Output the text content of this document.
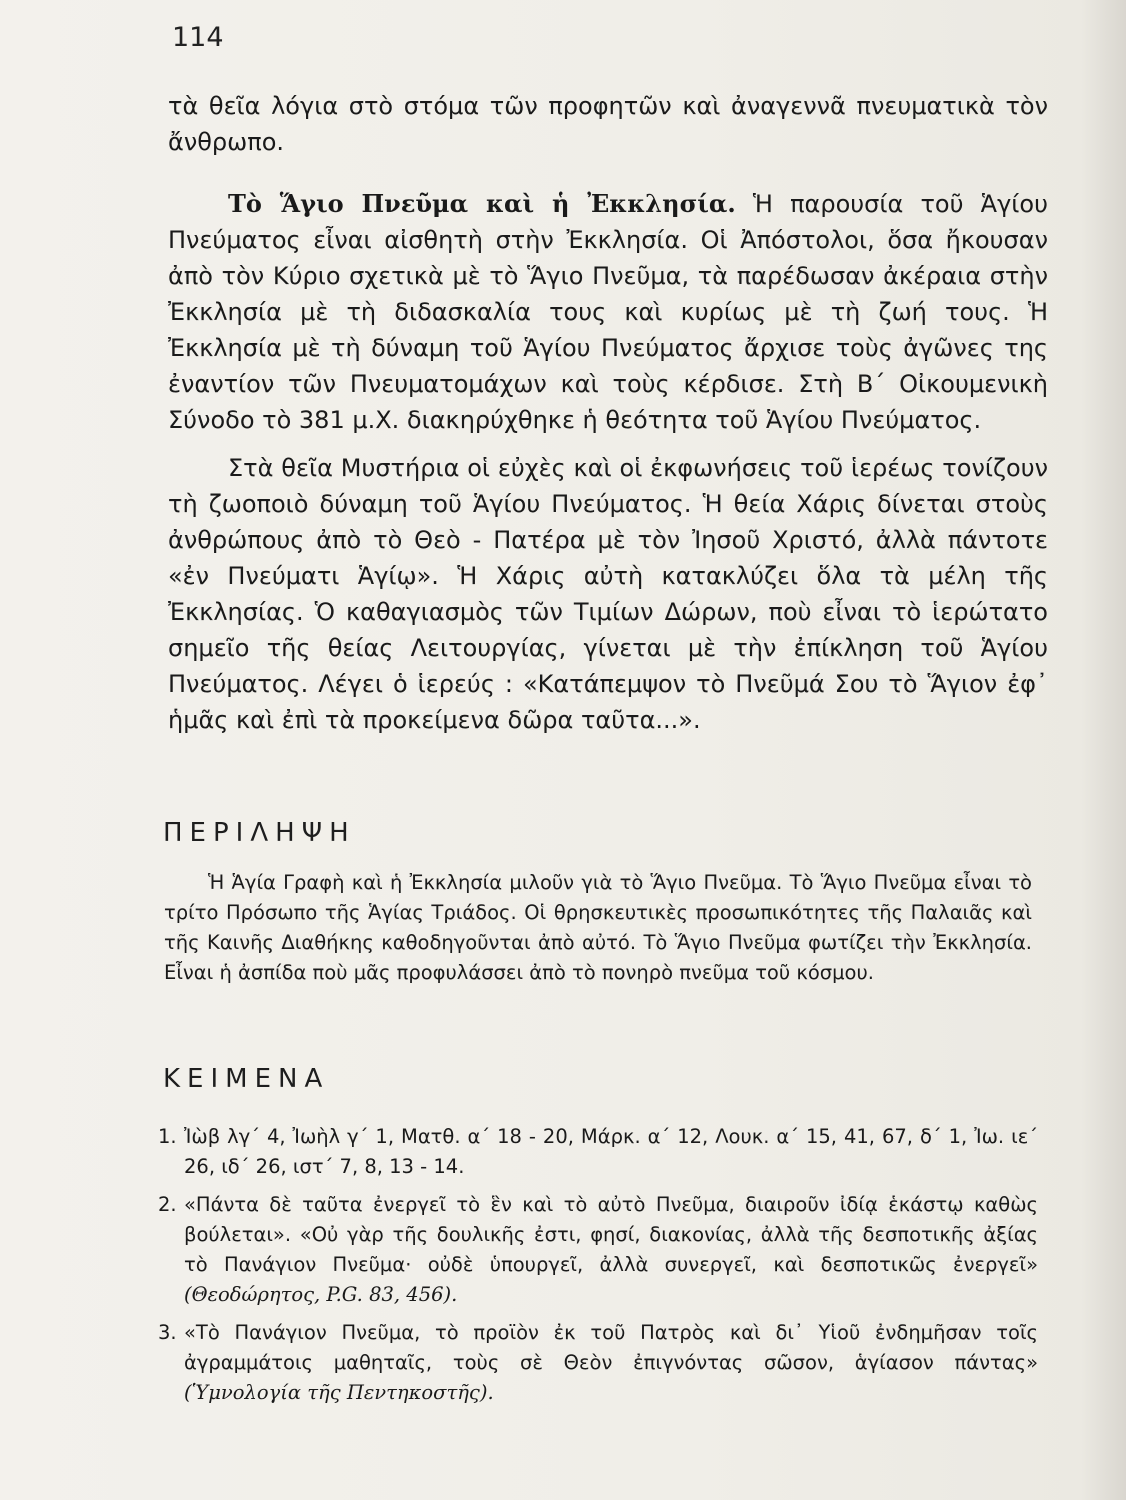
114

τὰ θεῖα λόγια στὸ στόμα τῶν προφητῶν καὶ ἀναγεννᾶ πνευματικὰ τὸν ἄνθρωπο.

Τὸ Ἅγιο Πνεῦμα καὶ ἡ Ἐκκλησία. Ἡ παρουσία τοῦ Ἁγίου Πνεύματος εἶναι αἰσθητὴ στὴν Ἐκκλησία. Οἱ Ἀπόστολοι, ὅσα ἤκουσαν ἀπὸ τὸν Κύριο σχετικὰ μὲ τὸ Ἅγιο Πνεῦμα, τὰ παρέδωσαν ἀκέραια στὴν Ἐκκλησία μὲ τὴ διδασκαλία τους καὶ κυρίως μὲ τὴ ζωή τους. Ἡ Ἐκκλησία μὲ τὴ δύναμη τοῦ Ἁγίου Πνεύματος ἄρχισε τοὺς ἀγῶνες της ἐναντίον τῶν Πνευματομάχων καὶ τοὺς κέρδισε. Στὴ Β΄ Οἰκουμενικὴ Σύνοδο τὸ 381 μ.Χ. διακηρύχθηκε ἡ θεότητα τοῦ Ἁγίου Πνεύματος.

Στὰ θεῖα Μυστήρια οἱ εὐχὲς καὶ οἱ ἐκφωνήσεις τοῦ ἱερέως τονίζουν τὴ ζωοποιὸ δύναμη τοῦ Ἁγίου Πνεύματος. Ἡ θεία Χάρις δίνεται στοὺς ἀνθρώπους ἀπὸ τὸ Θεὸ - Πατέρα μὲ τὸν Ἰησοῦ Χριστό, ἀλλὰ πάντοτε «ἐν Πνεύματι Ἁγίῳ». Ἡ Χάρις αὐτὴ κατακλύζει ὅλα τὰ μέλη τῆς Ἐκκλησίας. Ὁ καθαγιασμὸς τῶν Τιμίων Δώρων, ποὺ εἶναι τὸ ἱερώτατο σημεῖο τῆς θείας Λειτουργίας, γίνεται μὲ τὴν ἐπίκληση τοῦ Ἁγίου Πνεύματος. Λέγει ὁ ἱερεύς : «Κατάπεμψον τὸ Πνεῦμά Σου τὸ Ἅγιον ἐφ᾿ ἡμᾶς καὶ ἐπὶ τὰ προκείμενα δῶρα ταῦτα...».

ΠΕΡΙΛΗΨΗ

Ἡ Ἁγία Γραφὴ καὶ ἡ Ἐκκλησία μιλοῦν γιὰ τὸ Ἅγιο Πνεῦμα. Τὸ Ἅγιο Πνεῦμα εἶναι τὸ τρίτο Πρόσωπο τῆς Ἁγίας Τριάδος. Οἱ θρησκευτικὲς προσωπικότητες τῆς Παλαιᾶς καὶ τῆς Καινῆς Διαθήκης καθοδηγοῦνται ἀπὸ αὐτό. Τὸ Ἅγιο Πνεῦμα φωτίζει τὴν Ἐκκλησία. Εἶναι ἡ ἀσπίδα ποὺ μᾶς προφυλάσσει ἀπὸ τὸ πονηρὸ πνεῦμα τοῦ κόσμου.

ΚΕΙΜΕΝΑ
1. Ἰὼβ λγ΄ 4, Ἰωὴλ γ΄ 1, Ματθ. α΄ 18 - 20, Μάρκ. α΄ 12, Λουκ. α΄ 15, 41, 67, δ΄ 1, Ἰω. ιε΄ 26, ιδ΄ 26, ιστ΄ 7, 8, 13 - 14.
2. «Πάντα δὲ ταῦτα ἐνεργεῖ τὸ ἓν καὶ τὸ αὐτὸ Πνεῦμα, διαιροῦν ἰδίᾳ ἑκάστῳ καθὼς βούλεται». «Οὐ γὰρ τῆς δουλικῆς ἐστι, φησί, διακονίας, ἀλλὰ τῆς δεσποτικῆς ἀξίας τὸ Πανάγιον Πνεῦμα· οὐδὲ ὑπουργεῖ, ἀλλὰ συνεργεῖ, καὶ δεσποτικῶς ἐνεργεῖ» (Θεοδώρητος, P.G. 83, 456).
3. «Τὸ Πανάγιον Πνεῦμα, τὸ προϊὸν ἐκ τοῦ Πατρὸς καὶ δι᾿ Υἱοῦ ἐνδημῆσαν τοῖς ἀγραμμάτοις μαθηταῖς, τοὺς σὲ Θεὸν ἐπιγνόντας σῶσον, ἁγίασον πάντας» (Ὑμνολογία τῆς Πεντηκοστῆς).
